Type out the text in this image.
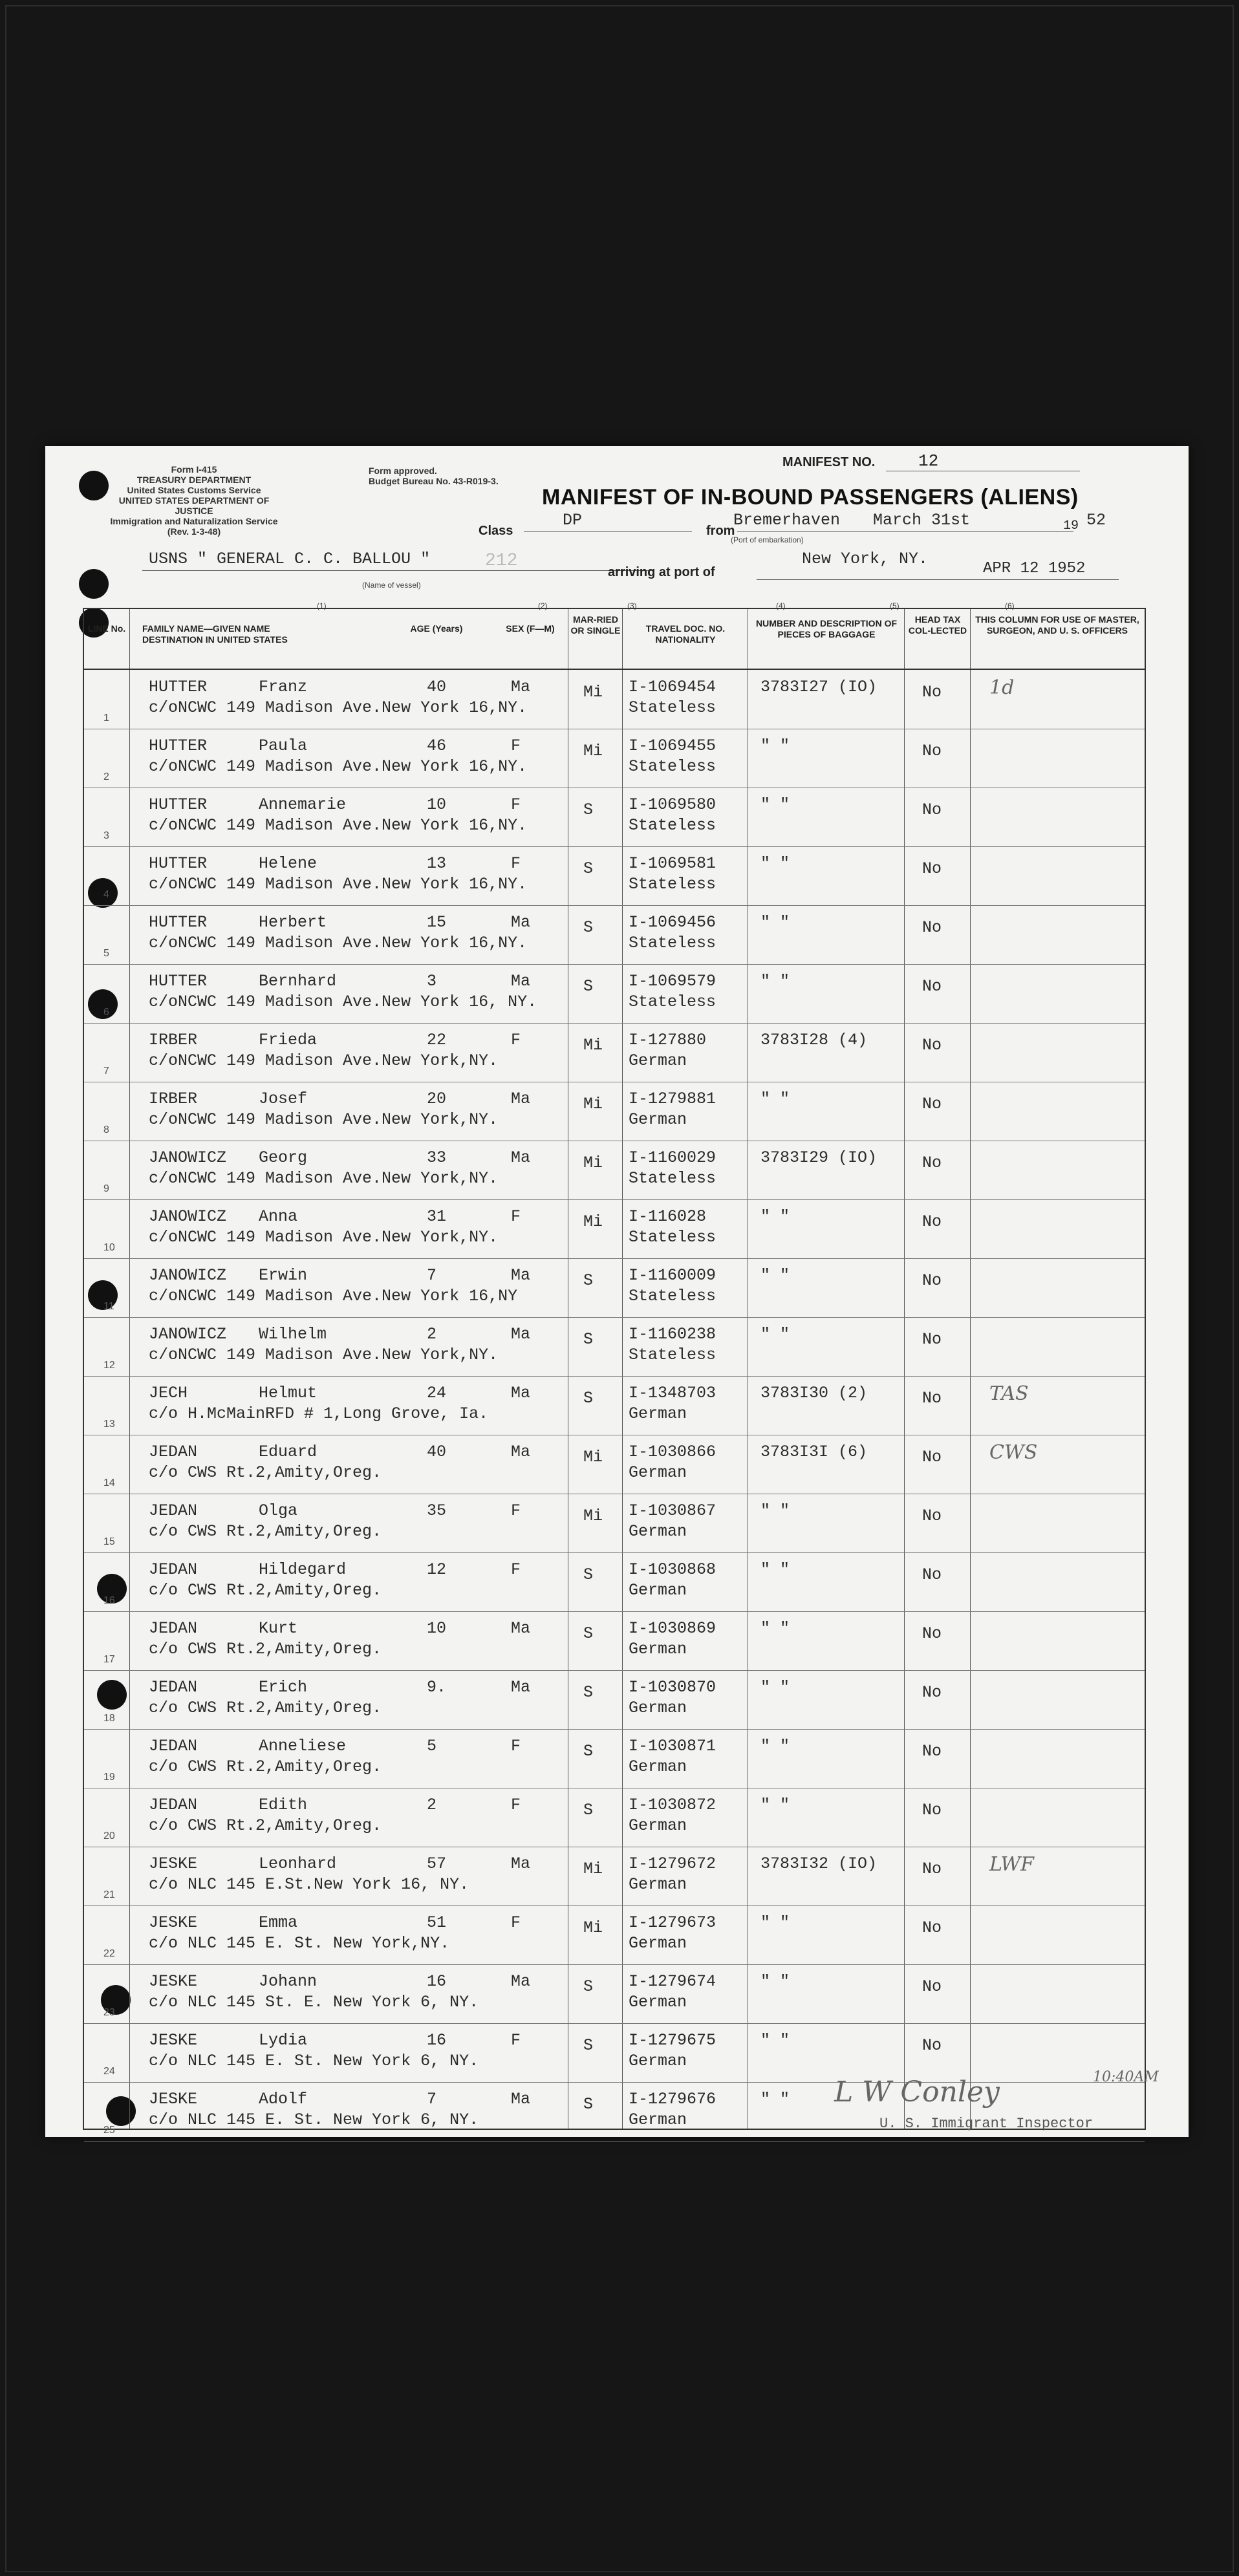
Form I-415
TREASURY DEPARTMENT
United States Customs Service
UNITED STATES DEPARTMENT OF JUSTICE
Immigration and Naturalization Service
(Rev. 1-3-48)
Form approved.
Budget Bureau No. 43-R019-3.
MANIFEST NO.	12
MANIFEST OF IN-BOUND PASSENGERS (ALIENS)
Class
DP
from
Bremerhaven March 31st	19 52
(Port of embarkation)
USNS " GENERAL C. C. BALLOU "	212
(Name of vessel)
arriving at port of
New York, NY.
APR 12 1952
(1)	(2)	(3)	(4)	(5)	(6)
LINE No. FAMILY NAME—GIVEN NAME DESTINATION IN UNITED STATES
AGE (Years)	SEX (F—M)
MAR-RIED OR SINGLE	TRAVEL DOC. NO. NATIONALITY
NUMBER AND DESCRIPTION OF PIECES OF BAGGAGE
HEAD TAX COL-LECTED
THIS COLUMN FOR USE OF MASTER, SURGEON, AND U. S. OFFICERS
1
HUTTER	Franz	40	Ma	Mi I-1069454
Stateless
c/oNCWC 149 Madison Ave.New York 16,NY.
3783I27 (IO)	No 1d
2
HUTTER	Paula	46	F	Mi I-1069455
Stateless
c/oNCWC 149 Madison Ave.New York 16,NY.
" "	No
3
HUTTER	Annemarie	10	F	S I-1069580
Stateless
c/oNCWC 149 Madison Ave.New York 16,NY.
" "	No
4
HUTTER	Helene	13	F	S I-1069581
Stateless
c/oNCWC 149 Madison Ave.New York 16,NY.
" "	No
5
HUTTER	Herbert	15	Ma	S I-1069456
Stateless
c/oNCWC 149 Madison Ave.New York 16,NY.
" "	No
6
HUTTER	Bernhard	3	Ma	S I-1069579
Stateless
c/oNCWC 149 Madison Ave.New York 16, NY.
" "	No
7
IRBER	Frieda	22	F	Mi I-127880
German
c/oNCWC 149 Madison Ave.New York,NY.
3783I28 (4)	No
8
IRBER	Josef	20	Ma	Mi I-1279881
German
c/oNCWC 149 Madison Ave.New York,NY.
" "	No
9
JANOWICZ Georg	33	Ma	Mi I-1160029
Stateless
c/oNCWC 149 Madison Ave.New York,NY.
3783I29 (IO)	No
10
JANOWICZ Anna	31	F	Mi I-116028
Stateless
c/oNCWC 149 Madison Ave.New York,NY.
" "	No
11
JANOWICZ Erwin	7	Ma	S I-1160009
Stateless
c/oNCWC 149 Madison Ave.New York 16,NY
" "	No
12
JANOWICZ Wilhelm	2	Ma	S I-1160238
Stateless
c/oNCWC 149 Madison Ave.New York,NY.
" "	No
13
JECH	Helmut	24	Ma	S I-1348703
German
c/o H.McMainRFD # 1,Long Grove, Ia.
3783I30 (2)	No TAS
14
JEDAN	Eduard	40	Ma	Mi I-1030866
German
c/o CWS Rt.2,Amity,Oreg.
3783I3I (6)	No CWS
15
JEDAN	Olga	35	F	Mi I-1030867
German
c/o CWS Rt.2,Amity,Oreg.
" "	No
16
JEDAN	Hildegard	12	F	S I-1030868
German
c/o CWS Rt.2,Amity,Oreg.
" "	No
17
JEDAN	Kurt	10	Ma	S I-1030869
German
c/o CWS Rt.2,Amity,Oreg.
" "	No
18
JEDAN	Erich	9.	Ma	S I-1030870
German
c/o CWS Rt.2,Amity,Oreg.
" "	No
19
JEDAN	Anneliese	5	F	S I-1030871
German
c/o CWS Rt.2,Amity,Oreg.
" "	No
20
JEDAN	Edith	2	F	S I-1030872
German
c/o CWS Rt.2,Amity,Oreg.
" "	No
21
JESKE	Leonhard	57	Ma	Mi I-1279672
German
c/o NLC 145 E.St.New York 16, NY.
3783I32 (IO)	No LWF
22
JESKE	Emma	51	F	Mi I-1279673
German
c/o NLC 145 E. St. New York,NY.
" "	No
23
JESKE	Johann	16	Ma	S I-1279674
German
c/o NLC 145 St. E. New York 6, NY.
" "	No
24
JESKE	Lydia	16	F	S I-1279675
German
c/o NLC 145 E. St. New York 6, NY.
" "	No
25
JESKE	Adolf	7	Ma	S I-1279676
German
c/o NLC 145 E. St. New York 6, NY.
" " L W Conley	10:40AM
U. S. Immigrant Inspector
